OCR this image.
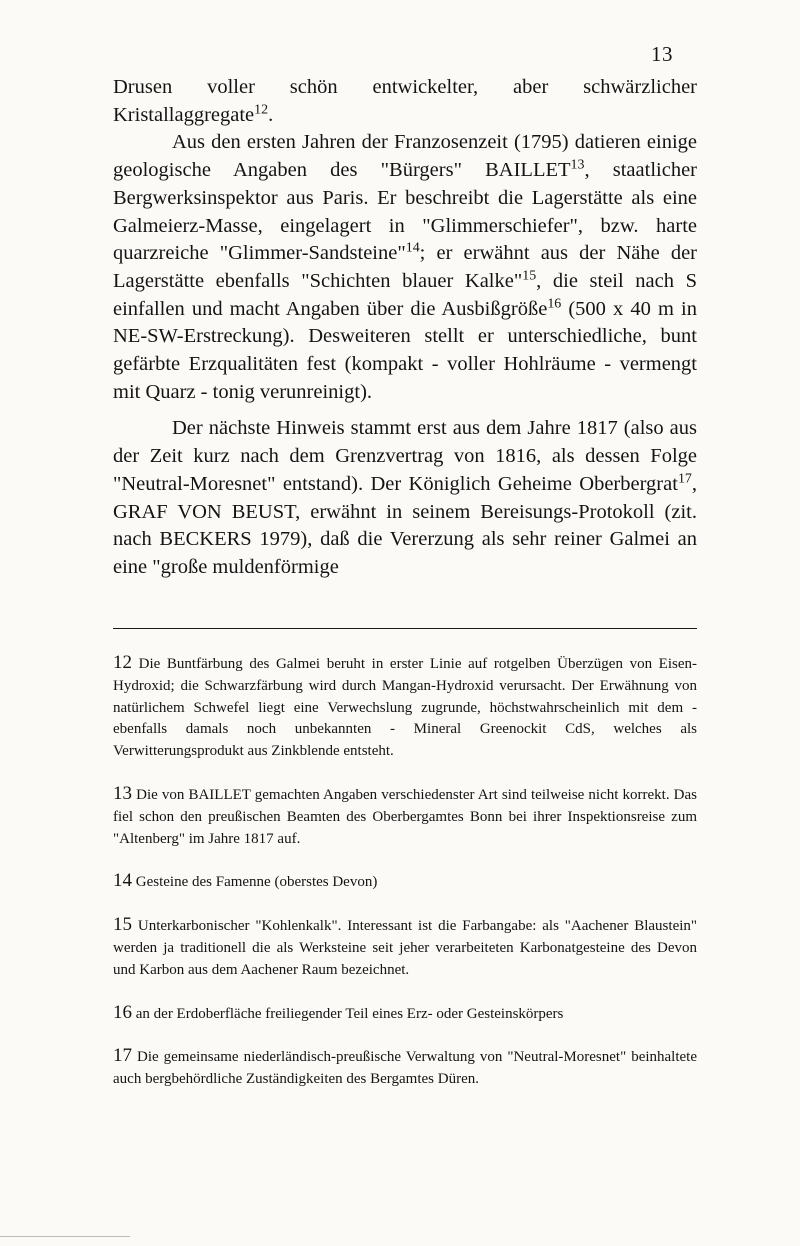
13

Drusen voller schön entwickelter, aber schwärzlicher Kristallaggregate$^{12}$.

Aus den ersten Jahren der Franzosenzeit (1795) datieren einige geologische Angaben des "Bürgers" BAILLET$^{13}$, staatlicher Bergwerksinspektor aus Paris. Er beschreibt die Lagerstätte als eine Galmeierz-Masse, eingelagert in "Glimmerschiefer", bzw. harte quarzreiche "Glimmer-Sandsteine"$^{14}$; er erwähnt aus der Nähe der Lagerstätte ebenfalls "Schichten blauer Kalke"$^{15}$, die steil nach S einfallen und macht Angaben über die Ausbißgröße$^{16}$ (500 x 40 m in NE-SW-Erstreckung). Desweiteren stellt er unterschiedliche, bunt gefärbte Erzqualitäten fest (kompakt - voller Hohlräume - vermengt mit Quarz - tonig verunreinigt).

Der nächste Hinweis stammt erst aus dem Jahre 1817 (also aus der Zeit kurz nach dem Grenzvertrag von 1816, als dessen Folge "Neutral-Moresnet" entstand). Der Königlich Geheime Oberbergrat$^{17}$, GRAF VON BEUST, erwähnt in seinem Bereisungs-Protokoll (zit. nach BECKERS 1979), daß die Vererzung als sehr reiner Galmei an eine "große muldenförmige

12 Die Buntfärbung des Galmei beruht in erster Linie auf rotgelben Überzügen von Eisen-Hydroxid; die Schwarzfärbung wird durch Mangan-Hydroxid verursacht. Der Erwähnung von natürlichem Schwefel liegt eine Verwechslung zugrunde, höchstwahrscheinlich mit dem - ebenfalls damals noch unbekannten - Mineral Greenockit CdS, welches als Verwitterungsprodukt aus Zinkblende entsteht.

13 Die von BAILLET gemachten Angaben verschiedenster Art sind teilweise nicht korrekt. Das fiel schon den preußischen Beamten des Oberbergamtes Bonn bei ihrer Inspektionsreise zum "Altenberg" im Jahre 1817 auf.

14 Gesteine des Famenne (oberstes Devon)

15 Unterkarbonischer "Kohlenkalk". Interessant ist die Farbangabe: als "Aachener Blaustein" werden ja traditionell die als Werksteine seit jeher verarbeiteten Karbonatgesteine des Devon und Karbon aus dem Aachener Raum bezeichnet.

16 an der Erdoberfläche freiliegender Teil eines Erz- oder Gesteinskörpers

17 Die gemeinsame niederländisch-preußische Verwaltung von "Neutral-Moresnet" beinhaltete auch bergbehördliche Zuständigkeiten des Bergamtes Düren.
